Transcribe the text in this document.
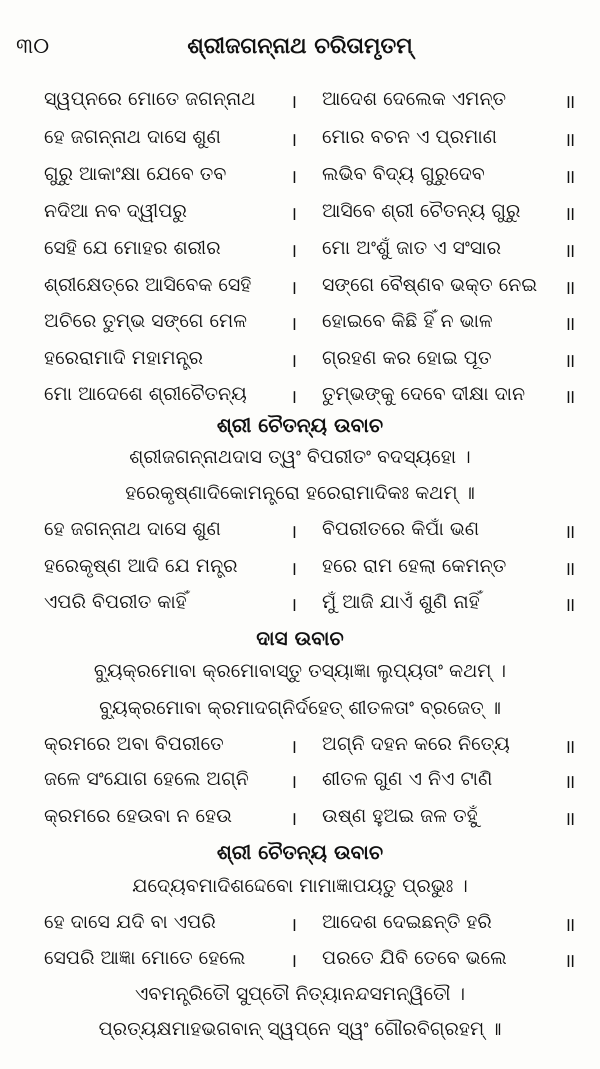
୩୦	ଶ୍ରୀଜଗନ୍ନାଥ ଚରିତାମୃତମ୍
ସ୍ୱପ୍ନରେ ମୋତେ ଜଗନ୍ନାଥ । ଆଦେଶ ଦେଲେକ ଏମନ୍ତ	॥
ହେ ଜଗନ୍ନାଥ ଦାସେ ଶୁଣ	। ମୋର ବଚନ ଏ ପ୍ରମାଣ	॥
ଗୁରୁ ଆକାଂକ୍ଷା ଯେବେ ତବ	। ଲଭିବ ବିଦ୍ୟ ଗୁରୁଦେବ	॥
ନଦିଆ ନବ ଦ୍ୱୀପରୁ	। ଆସିବେ ଶ୍ରୀ ଚୈତନ୍ୟ ଗୁରୁ ॥
ସେହି ଯେ ମୋହର ଶରୀର	। ମୋ ଅଂଶୁଁ ଜାତ ଏ ସଂସାର	॥
ଶ୍ରୀକ୍ଷେତ୍ରେ ଆସିବେକ ସେହି । ସଙ୍ଗେ ବୈଷ୍ଣବ ଭକ୍ତ ନେଇ ॥
ଅଚିରେ ତୁମ୍ଭ ସଙ୍ଗେ ମେଳ । ହୋଇବେ କିଛି ହିଁ ନ ଭାଳ	॥
ହରେରାମାଦି ମହାମନ୍ତ୍ର	। ଗ୍ରହଣ କର ହୋଇ ପୂତ	॥
ମୋ ଆଦେଶେ ଶ୍ରୀଚୈତନ୍ୟ । ତୁମ୍ଭଙ୍କୁ ଦେବେ ଦୀକ୍ଷା ଦାନ ॥
ଶ୍ରୀ ଚୈତନ୍ୟ ଉବାଚ
ଶ୍ରୀଜଗନ୍ନାଥଦାସ ତ୍ୱଂ ବିପରୀତଂ ବଦସ୍ୟହୋ ।
ହରେକୃଷ୍ଣାଦିକୋମନ୍ତ୍ରୋ ହରେରାମାଦିକଃ କଥମ୍ ॥
ହେ ଜଗନ୍ନାଥ ଦାସେ ଶୁଣ	। ବିପରୀତରେ କିପାଁ ଭଣ	॥
ହରେକୃଷ୍ଣ ଆଦି ଯେ ମନ୍ତ୍ର	। ହରେ ରାମ ହେଲା କେମନ୍ତ	॥
ଏପରି ବିପରୀତ କାହିଁ	। ମୁଁ ଆଜି ଯାଏଁ ଶୁଣି ନାହିଁ	॥
ଦାସ ଉବାଚ
ବ୍ୟୁକ୍ରମୋବା କ୍ରମୋବାସ୍ତୁ ତସ୍ୟାଜ୍ଞା ଲୁପ୍ୟତାଂ କଥମ୍ ।
ବ୍ୟୁକ୍ରମୋବା କ୍ରମାଦଗ୍ନିର୍ଦହେତ୍ ଶୀତଳତାଂ ବ୍ରଜେତ୍ ॥
କ୍ରମରେ ଅବା ବିପରୀତେ	। ଅଗ୍ନି ଦହନ କରେ ନିତ୍ୟେ	॥
ଜଳେ ସଂଯୋଗ ହେଲେ ଅଗ୍ନି । ଶୀତଳ ଗୁଣ ଏ ନିଏ ଟାଣି	॥
କ୍ରମରେ ହେଉବା ନ ହେଉ	। ଉଷ୍ଣ ହୁଅଇ ଜଳ ତହୁଁ	॥
ଶ୍ରୀ ଚୈତନ୍ୟ ଉବାଚ
ଯଦ୍ୟେବମାଦିଶଦ୍ଦେବୋ ମାମାଜ୍ଞାପୟତୁ ପ୍ରଭୁଃ ।
ହେ ଦାସେ ଯଦି ବା ଏପରି	। ଆଦେଶ ଦେଇଛନ୍ତି ହରି	॥
ସେପରି ଆଜ୍ଞା ମୋତେ ହେଲେ । ପରତେ ଯିବି ତେବେ ଭଲେ	॥
ଏବମନ୍ତ୍ରିତୌ ସୁପ୍ତୌ ନିତ୍ୟାନନ୍ଦସମନ୍ୱିତୌ ।
ପ୍ରତ୍ୟକ୍ଷମାହଭଗବାନ୍ ସ୍ୱପ୍ନେ ସ୍ୱଂ ଗୌରବିଗ୍ରହମ୍ ॥
